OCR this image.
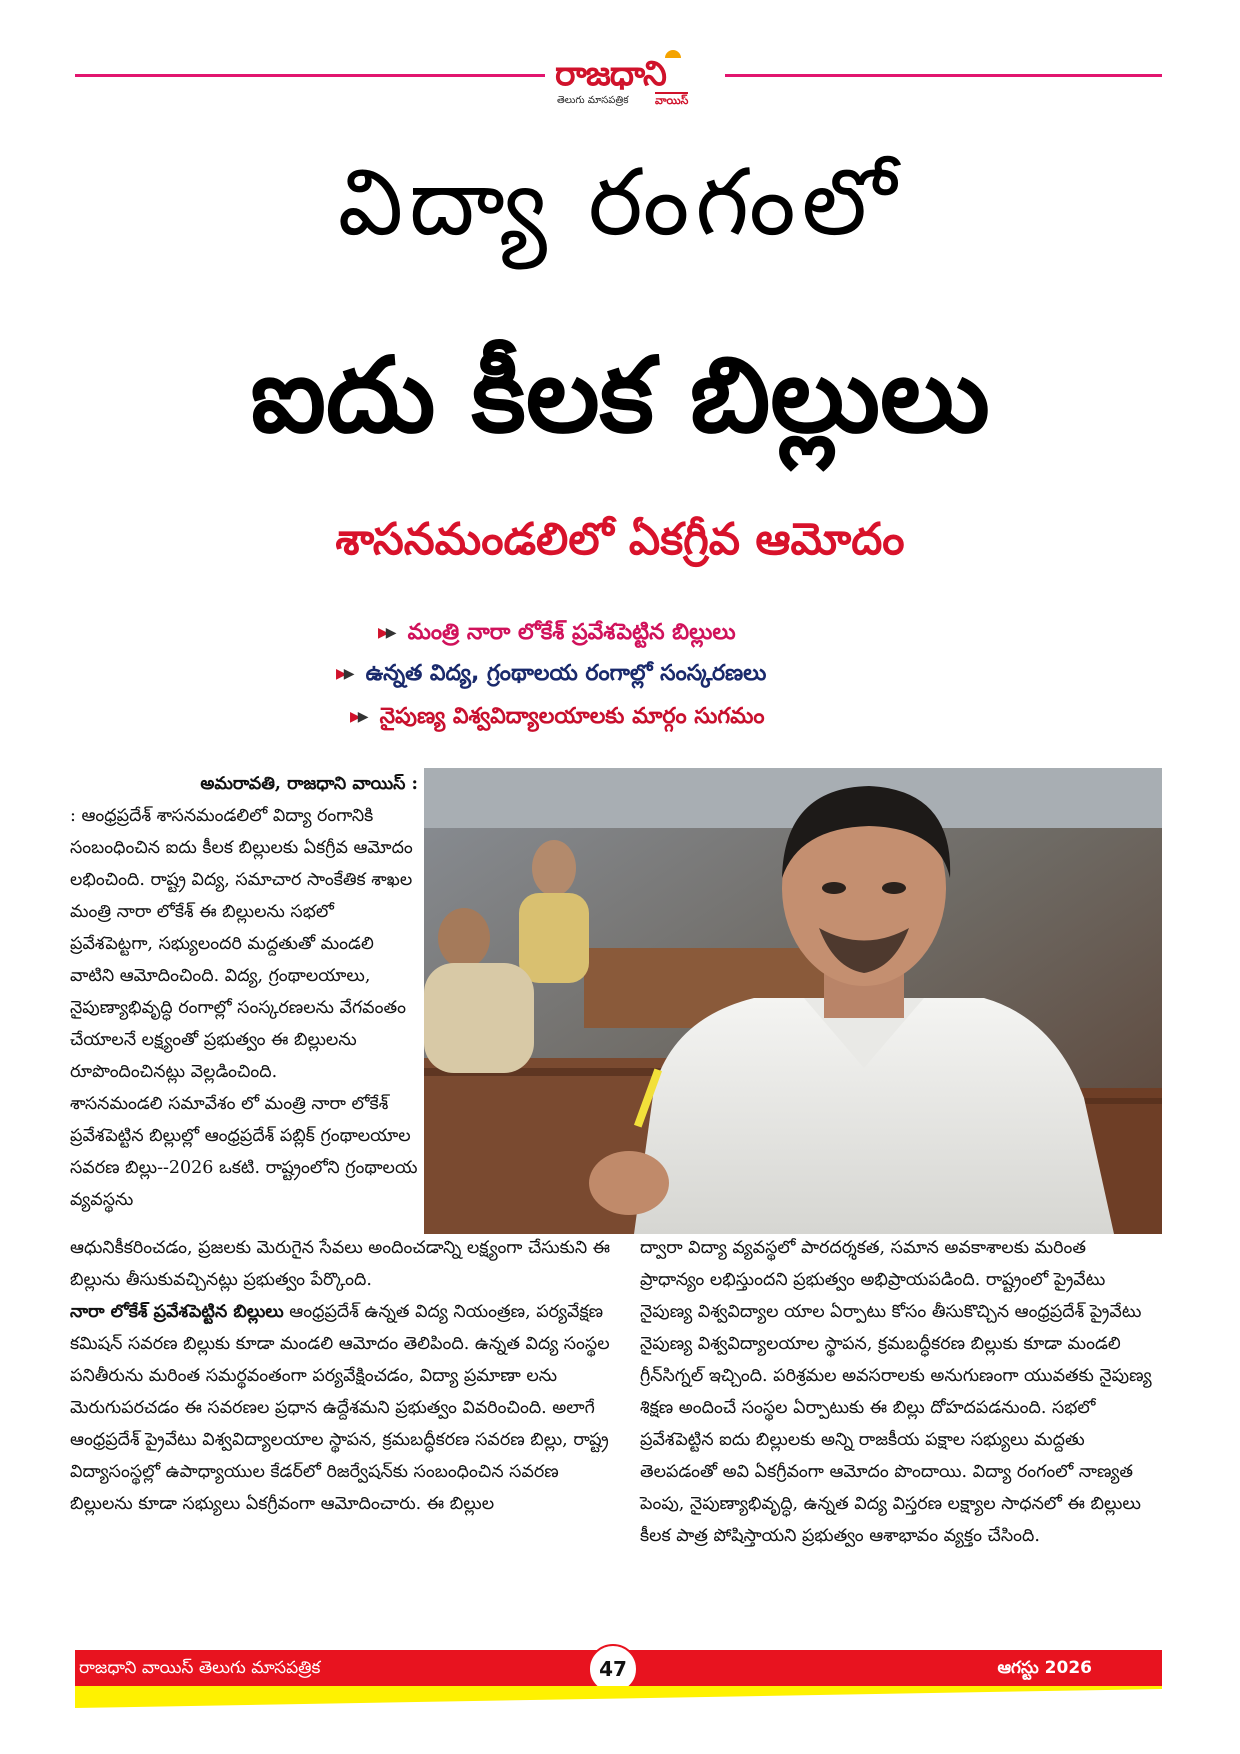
రాజధాని
తెలుగు మాసపత్రిక వాయిస్
విద్యా రంగంలో
ఐదు కీలక బిల్లులు
శాసనమండలిలో ఏకగ్రీవ ఆమోదం
▶▶ మంత్రి నారా లోకేశ్ ప్రవేశపెట్టిన బిల్లులు
▶▶ ఉన్నత విద్య, గ్రంథాలయ రంగాల్లో సంస్కరణలు
▶▶ నైపుణ్య విశ్వవిద్యాలయాలకు మార్గం సుగమం

అమరావతి, రాజధాని వాయిస్ :

: ఆంధ్రప్రదేశ్ శాసనమండలిలో విద్యా రంగానికి సంబంధించిన ఐదు కీలక బిల్లులకు ఏకగ్రీవ ఆమోదం లభించింది. రాష్ట్ర విద్య, సమాచార సాంకేతిక శాఖల మంత్రి నారా లోకేశ్ ఈ బిల్లులను సభలో ప్రవేశపెట్టగా, సభ్యులందరి మద్దతుతో మండలి వాటిని ఆమోదించింది. విద్య, గ్రంథాలయాలు, నైపుణ్యాభివృద్ధి రంగాల్లో సంస్కరణలను వేగవంతం చేయాలనే లక్ష్యంతో ప్రభుత్వం ఈ బిల్లులను రూపొందించినట్లు వెల్లడించింది.

శాసనమండలి సమావేశం లో మంత్రి నారా లోకేశ్ ప్రవేశపెట్టిన బిల్లుల్లో ఆంధ్రప్రదేశ్ పబ్లిక్ గ్రంథాలయాల సవరణ బిల్లు--2026 ఒకటి. రాష్ట్రంలోని గ్రంథాలయ వ్యవస్థను

ఆధునికీకరించడం, ప్రజలకు మెరుగైన సేవలు అందించడాన్ని లక్ష్యంగా చేసుకుని ఈ బిల్లును తీసుకువచ్చినట్లు ప్రభుత్వం పేర్కొంది.

నారా లోకేశ్ ప్రవేశపెట్టిన బిల్లులు ఆంధ్రప్రదేశ్ ఉన్నత విద్య నియంత్రణ, పర్యవేక్షణ కమిషన్ సవరణ బిల్లుకు కూడా మండలి ఆమోదం తెలిపింది. ఉన్నత విద్య సంస్థల పనితీరును మరింత సమర్థవంతంగా పర్యవేక్షించడం, విద్యా ప్రమాణా లను మెరుగుపరచడం ఈ సవరణల ప్రధాన ఉద్దేశమని ప్రభుత్వం వివరించింది. అలాగే ఆంధ్రప్రదేశ్ ప్రైవేటు విశ్వవిద్యాలయాల స్థాపన, క్రమబద్ధీకరణ సవరణ బిల్లు, రాష్ట్ర విద్యాసంస్థల్లో ఉపాధ్యాయుల కేడర్‌లో రిజర్వేషన్‌కు సంబంధించిన సవరణ బిల్లులను కూడా సభ్యులు ఏకగ్రీవంగా ఆమోదించారు. ఈ బిల్లుల

ద్వారా విద్యా వ్యవస్థలో పారదర్శకత, సమాన అవకాశాలకు మరింత ప్రాధాన్యం లభిస్తుందని ప్రభుత్వం అభిప్రాయపడింది. రాష్ట్రంలో ప్రైవేటు నైపుణ్య విశ్వవిద్యాల యాల ఏర్పాటు కోసం తీసుకొచ్చిన ఆంధ్రప్రదేశ్ ప్రైవేటు నైపుణ్య విశ్వవిద్యాలయాల స్థాపన, క్రమబద్ధీకరణ బిల్లుకు కూడా మండలి గ్రీన్‌సిగ్నల్ ఇచ్చింది. పరిశ్రమల అవసరాలకు అనుగుణంగా యువతకు నైపుణ్య శిక్షణ అందించే సంస్థల ఏర్పాటుకు ఈ బిల్లు దోహదపడనుంది. సభలో ప్రవేశపెట్టిన ఐదు బిల్లులకు అన్ని రాజకీయ పక్షాల సభ్యులు మద్దతు తెలపడంతో అవి ఏకగ్రీవంగా ఆమోదం పొందాయి. విద్యా రంగంలో నాణ్యత పెంపు, నైపుణ్యాభివృద్ధి, ఉన్నత విద్య విస్తరణ లక్ష్యాల సాధనలో ఈ బిల్లులు కీలక పాత్ర పోషిస్తాయని ప్రభుత్వం ఆశాభావం వ్యక్తం చేసింది.

రాజధాని వాయిస్ తెలుగు మాసపత్రిక	ఆగస్టు 2026
47
